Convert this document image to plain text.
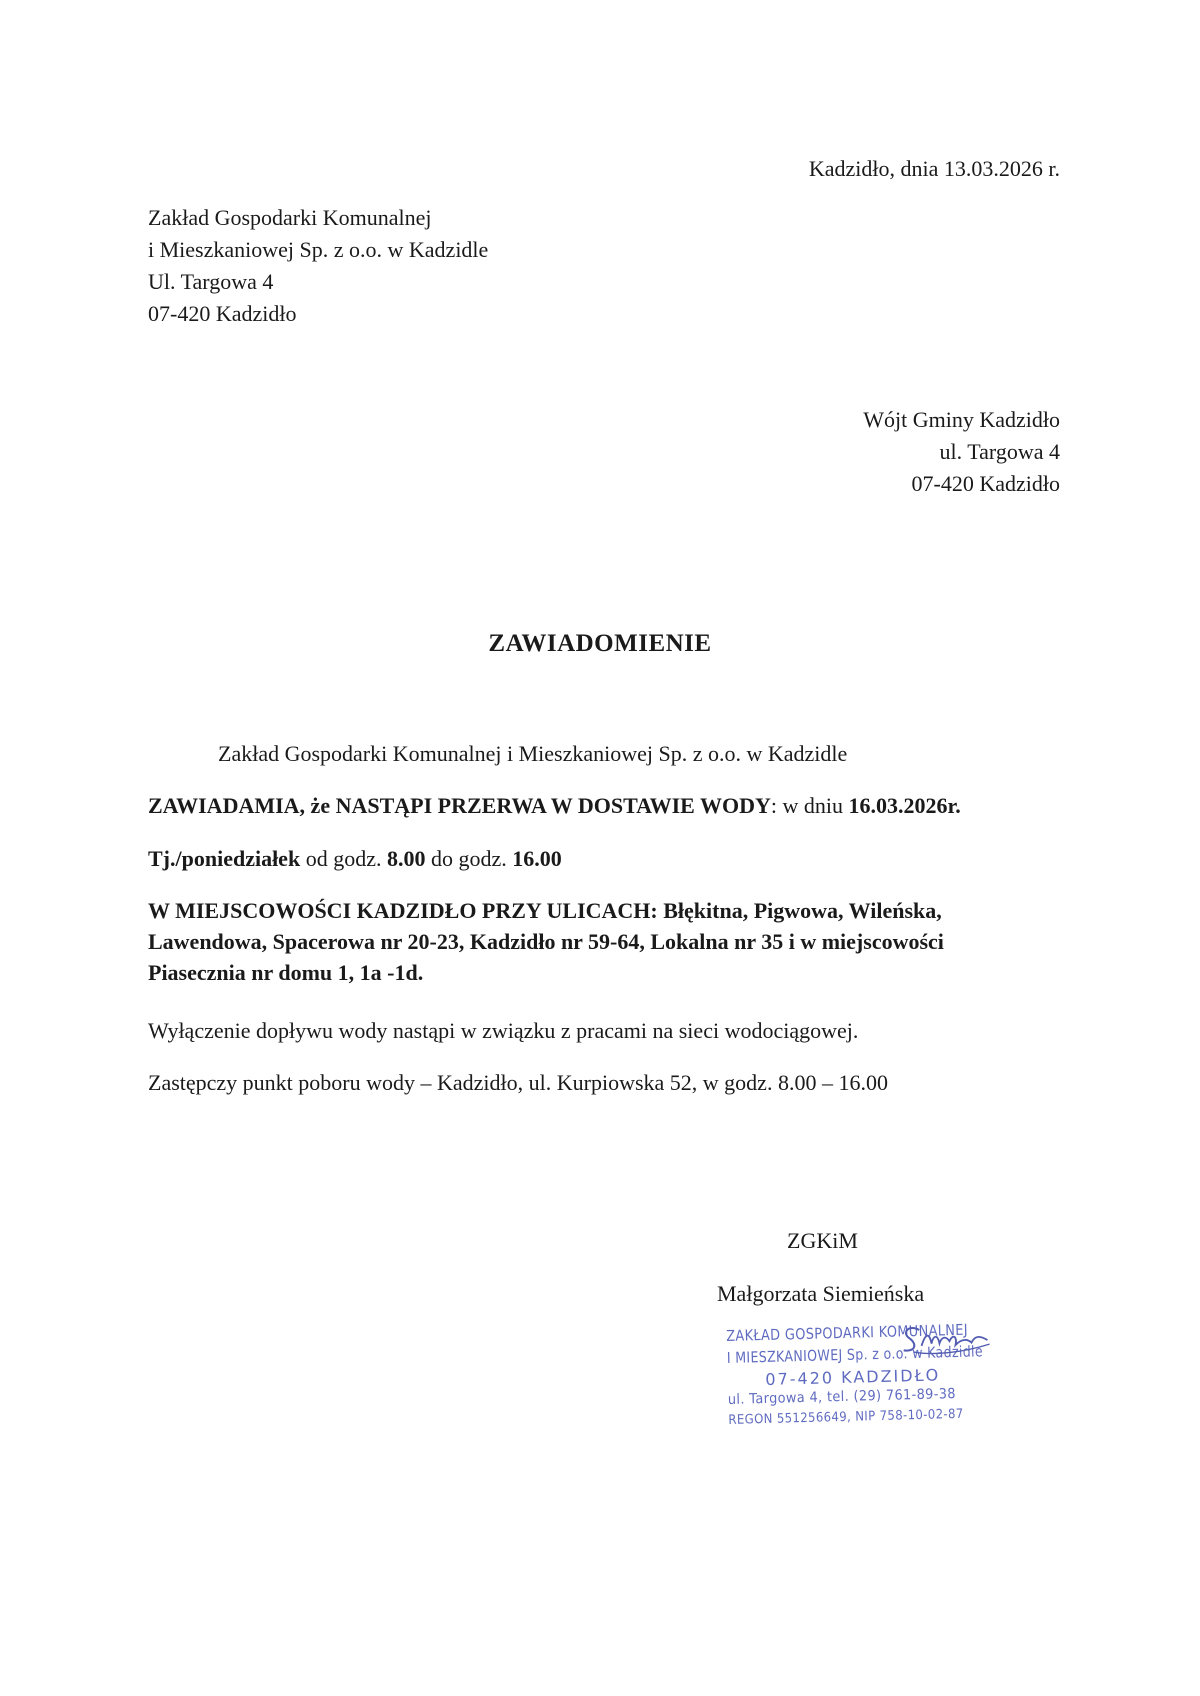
Kadzidło, dnia 13.03.2026 r.
Zakład Gospodarki Komunalnej
i Mieszkaniowej Sp. z o.o. w Kadzidle
Ul. Targowa 4
07-420 Kadzidło
Wójt Gminy Kadzidło
ul. Targowa 4
07-420 Kadzidło
ZAWIADOMIENIE
Zakład Gospodarki Komunalnej i Mieszkaniowej Sp. z o.o. w Kadzidle
ZAWIADAMIA, że NASTĄPI PRZERWA W DOSTAWIE WODY: w dniu 16.03.2026r.
Tj./poniedziałek od godz. 8.00 do godz. 16.00
W MIEJSCOWOŚCI KADZIDŁO PRZY ULICACH: Błękitna, Pigwowa, Wileńska,
Lawendowa, Spacerowa nr 20-23, Kadzidło nr 59-64, Lokalna nr 35 i w miejscowości
Piasecznia nr domu 1, 1a -1d.
Wyłączenie dopływu wody nastąpi w związku z pracami na sieci wodociągowej.
Zastępczy punkt poboru wody – Kadzidło, ul. Kurpiowska 52, w godz. 8.00 – 16.00
ZGKiM
Małgorzata Siemieńska
ZAKŁAD GOSPODARKI KOMUNALNEJ
I MIESZKANIOWEJ Sp. z o.o. w Kadzidle
07-420 KADZIDŁO
ul. Targowa 4, tel. (29) 761-89-38
REGON 551256649, NIP 758-10-02-87
